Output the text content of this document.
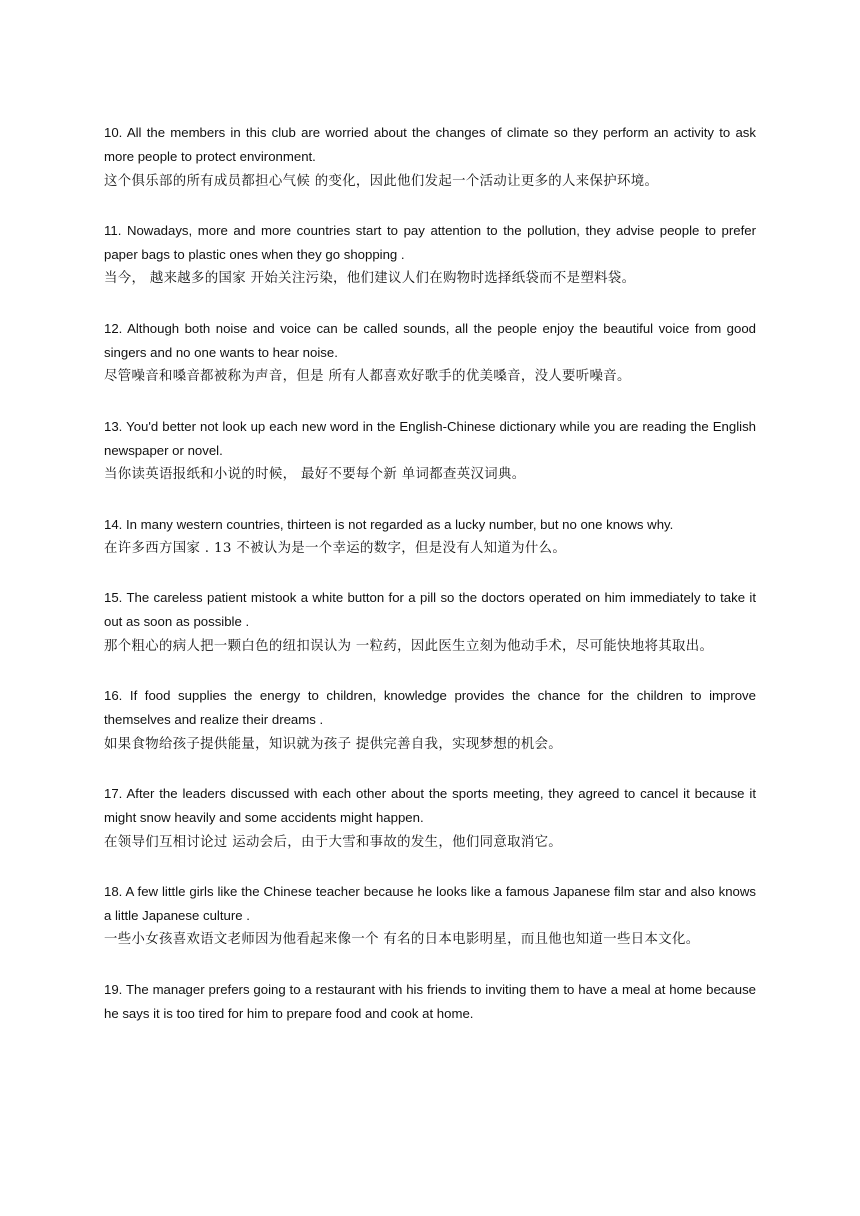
10. All the members in this club are worried about the changes of climate so they perform an activity to ask more people to protect environment.

这个俱乐部的所有成员都担心气候 的变化，因此他们发起一个活动让更多的人来保护环境。

11. Nowadays, more and more countries start to pay attention to the pollution, they advise people to prefer paper bags to plastic ones when they go shopping .

当今， 越来越多的国家 开始关注污染，他们建议人们在购物时选择纸袋而不是塑料袋。

12. Although both noise and voice can be called sounds, all the people enjoy the beautiful voice from good singers and no one wants to hear noise.

尽管噪音和嗓音都被称为声音，但是 所有人都喜欢好歌手的优美嗓音，没人要听噪音。

13. You'd better not look up each new word in the English-Chinese dictionary while you are reading the English newspaper or novel.

当你读英语报纸和小说的时候， 最好不要每个新 单词都查英汉词典。

14. In many western countries, thirteen is not regarded as a lucky number, but no one knows why.

在许多西方国家 . 13 不被认为是一个幸运的数字，但是没有人知道为什么。

15. The careless patient mistook a white button for a pill so the doctors operated on him immediately to take it out as soon as possible .

那个粗心的病人把一颗白色的纽扣误认为 一粒药，因此医生立刻为他动手术，尽可能快地将其取出。

16. If food supplies the energy to children, knowledge provides the chance for the children to improve themselves and realize their dreams .

如果食物给孩子提供能量，知识就为孩子 提供完善自我，实现梦想的机会。

17. After the leaders discussed with each other about the sports meeting, they agreed to cancel it because it might snow heavily and some accidents might happen.

在领导们互相讨论过 运动会后，由于大雪和事故的发生，他们同意取消它。

18. A few little girls like the Chinese teacher because he looks like a famous Japanese film star and also knows a little Japanese culture .

一些小女孩喜欢语文老师因为他看起来像一个 有名的日本电影明星，而且他也知道一些日本文化。

19. The manager prefers going to a restaurant with his friends to inviting them to have a meal at home because he says it is too tired for him to prepare food and cook at home.
